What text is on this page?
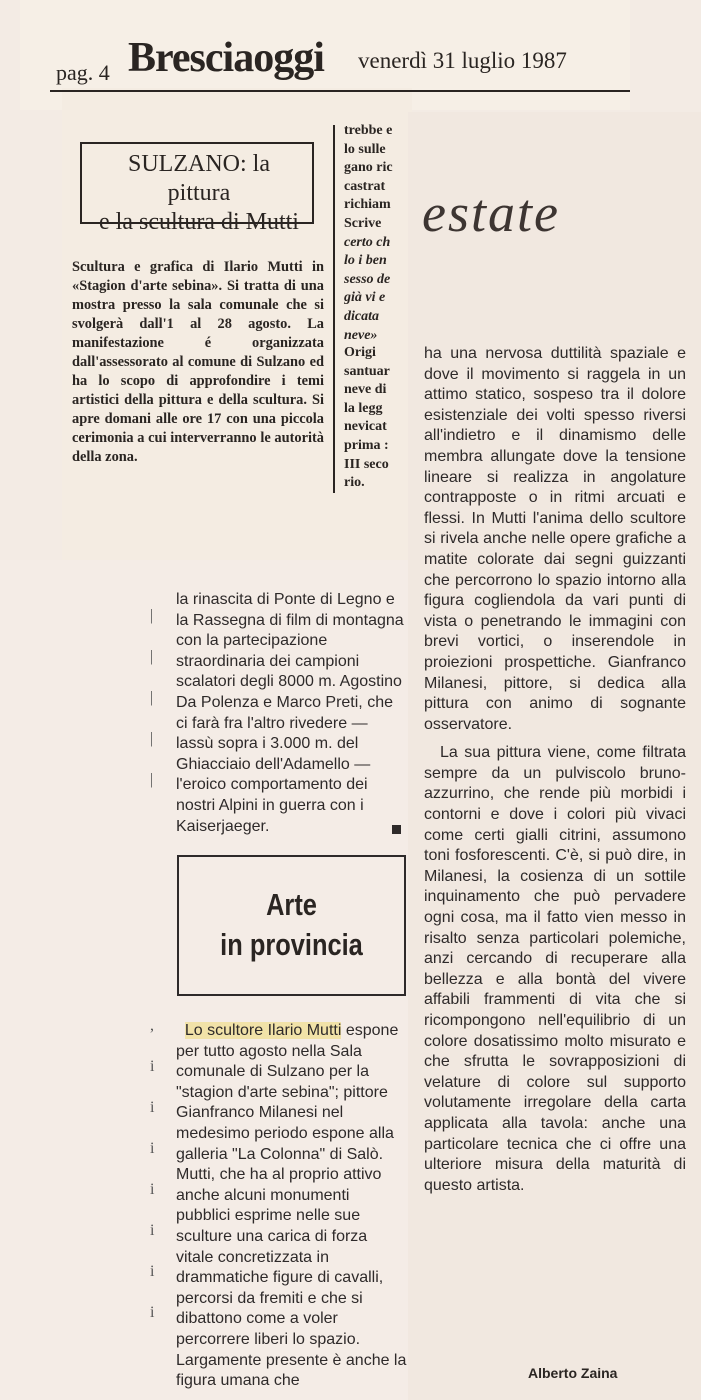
pag. 4 Bresciaoggi venerdì 31 luglio 1987
SULZANO: la pittura
e la scultura di Mutti
Scultura e grafica di Ilario Mutti in «Stagion d'arte sebina». Si tratta di una mostra presso la sala comunale che si svolgerà dall'1 al 28 agosto. La manifestazione é organizzata dall'assessorato al comune di Sulzano ed ha lo scopo di approfondire i temi artistici della pittura e della scultura. Si apre domani alle ore 17 con una piccola cerimonia a cui interverranno le autorità della zona.
trebbe e
lo sulle
gano ric
castrat
richiam
Scrive
certo ch
lo i ben
sesso de
già vi e
dicata
neve»
Origi
santuar
neve di
la legg
nevicat
prima :
III seco
rio.
estate
|
|
|
|
|

,
i
i
i
i
i
i
i
la rinascita di Ponte di Legno e la Rassegna di film di montagna con la partecipazione straordinaria dei campioni scalatori degli 8000 m. Agostino Da Polenza e Marco Preti, che ci farà fra l'altro rivedere — lassù sopra i 3.000 m. del Ghiacciaio dell'Adamello — l'eroico comportamento dei nostri Alpini in guerra con i Kaiserjaeger.
Arte
in provincia
Lo scultore Ilario Mutti espone per tutto agosto nella Sala comunale di Sulzano per la "stagion d'arte sebina"; pittore Gianfranco Milanesi nel medesimo periodo espone alla galleria "La Colonna" di Salò. Mutti, che ha al proprio attivo anche alcuni monumenti pubblici esprime nelle sue sculture una carica di forza vitale concretizzata in drammatiche figure di cavalli, percorsi da fremiti e che si dibattono come a voler percorrere liberi lo spazio. Largamente presente è anche la figura umana che
ha una nervosa duttilità spaziale e dove il movimento si raggela in un attimo statico, sospeso tra il dolore esistenziale dei volti spesso riversi all'indietro e il dinamismo delle membra allungate dove la tensione lineare si realizza in angolature contrapposte o in ritmi arcuati e flessi. In Mutti l'anima dello scultore si rivela anche nelle opere grafiche a matite colorate dai segni guizzanti che percorrono lo spazio intorno alla figura cogliendola da vari punti di vista o penetrando le immagini con brevi vortici, o inserendole in proiezioni prospettiche. Gianfranco Milanesi, pittore, si dedica alla pittura con animo di sognante osservatore.
La sua pittura viene, come filtrata sempre da un pulviscolo bruno-azzurrino, che rende più morbidi i contorni e dove i colori più vivaci come certi gialli citrini, assumono toni fosforescenti. C'è, si può dire, in Milanesi, la cosienza di un sottile inquinamento che può pervadere ogni cosa, ma il fatto vien messo in risalto senza particolari polemiche, anzi cercando di recuperare alla bellezza e alla bontà del vivere affabili frammenti di vita che si ricompongono nell'equilibrio di un colore dosatissimo molto misurato e che sfrutta le sovrapposizioni di velature di colore sul supporto volutamente irregolare della carta applicata alla tavola: anche una particolare tecnica che ci offre una ulteriore misura della maturità di questo artista.
Alberto Zaina
